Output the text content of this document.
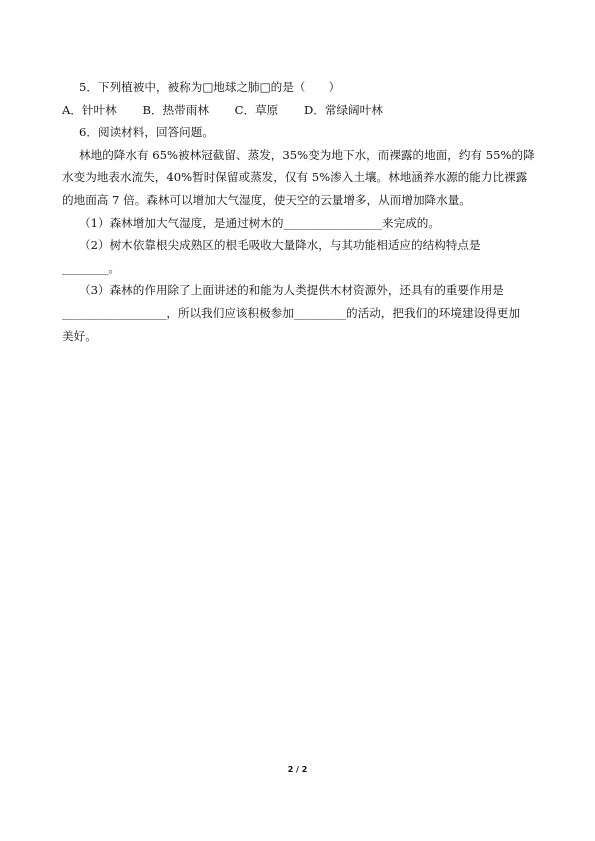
5．下列植被中，被称为□地球之肺□的是（　　）
A．针叶林 B．热带雨林 C．草原 D．常绿阔叶林
6．阅读材料，回答问题。
林地的降水有 65%被林冠截留、蒸发，35%变为地下水，而裸露的地面，约有 55%的降
水变为地表水流失，40%暂时保留或蒸发，仅有 5%渗入土壤。林地涵养水源的能力比裸露
的地面高 7 倍。森林可以增加大气湿度，使天空的云量增多，从而增加降水量。
（1）森林增加大气湿度，是通过树木的_________________来完成的。
（2）树木依靠根尖成熟区的根毛吸收大量降水，与其功能相适应的结构特点是
________。
（3）森林的作用除了上面讲述的和能为人类提供木材资源外，还具有的重要作用是
__________________，所以我们应该积极参加_________的活动，把我们的环境建设得更加
美好。
2 / 2
